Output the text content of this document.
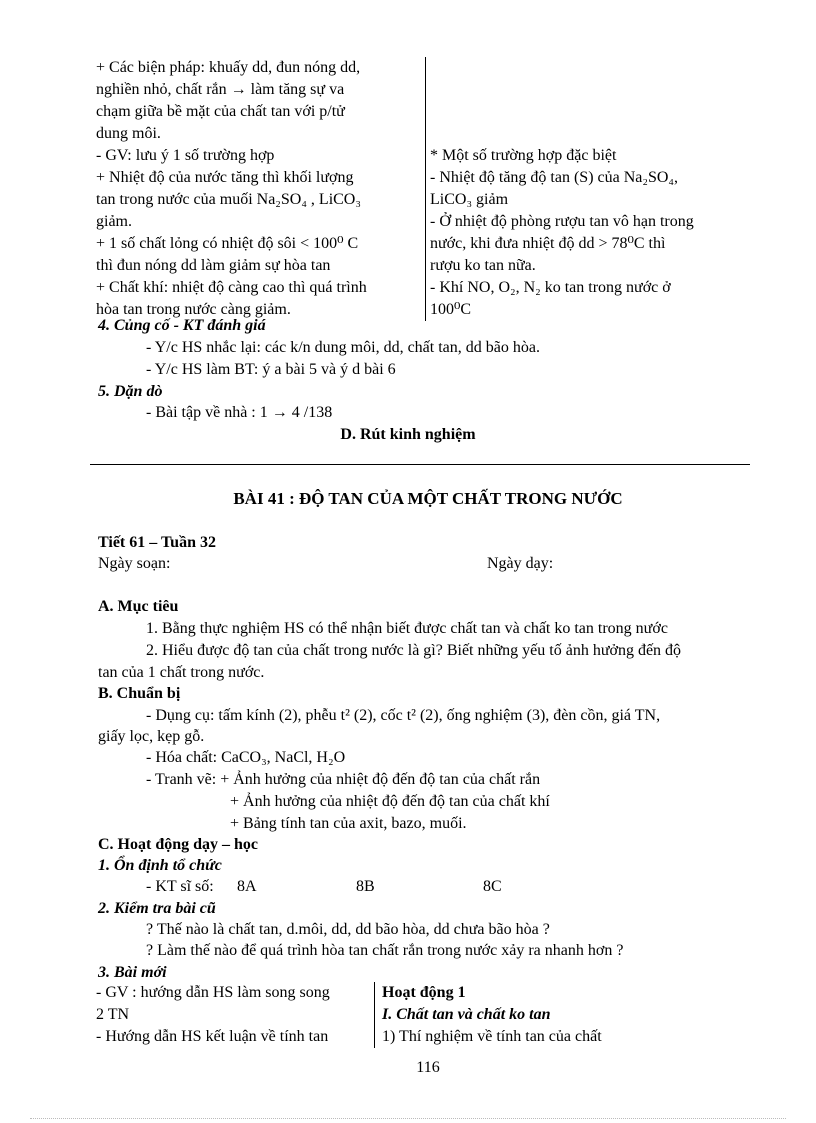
+ Các biện pháp: khuấy dd, đun nóng dd,
nghiền nhỏ, chất rắn → làm tăng sự va
chạm giữa bề mặt của chất tan với p/tử
dung môi.
- GV: lưu ý 1 số trường hợp
+ Nhiệt độ của nước tăng thì khối lượng
tan trong nước của muối Na₂SO₄ , LiCO₃
giảm.
+ 1 số chất lỏng có nhiệt độ sôi < 100⁰ C
thì đun nóng dd làm giảm sự hòa tan
+ Chất khí: nhiệt độ càng cao thì quá trình
hòa tan trong nước càng giảm.
* Một số trường hợp đặc biệt
- Nhiệt độ tăng độ tan (S) của Na₂SO₄,
LiCO₃ giảm
- Ở nhiệt độ phòng rượu tan vô hạn trong
nước, khi đưa nhiệt độ dd > 78⁰C thì
rượu ko tan nữa.
- Khí NO, O₂, N₂ ko tan trong nước ở
100⁰C
4. Củng cố - KT đánh giá
- Y/c HS nhắc lại: các k/n dung môi, dd, chất tan, dd bão hòa.
- Y/c HS làm BT: ý a bài 5 và ý d bài 6
5. Dặn dò
- Bài tập về nhà : 1 → 4 /138
D. Rút kinh nghiệm
BÀI 41 : ĐỘ TAN CỦA MỘT CHẤT TRONG NƯỚC
Tiết 61 – Tuần 32
Ngày soạn:	Ngày dạy:
A. Mục tiêu
1. Bằng thực nghiệm HS có thể nhận biết được chất tan và chất ko tan trong nước
2. Hiểu được độ tan của chất trong nước là gì? Biết những yếu tố ảnh hưởng đến độ
tan của 1 chất trong nước.
B. Chuẩn bị
- Dụng cụ: tấm kính (2), phễu t² (2), cốc t² (2), ống nghiệm (3), đèn cồn, giá TN,
giấy lọc, kẹp gỗ.
- Hóa chất: CaCO₃, NaCl, H₂O
- Tranh vẽ: + Ảnh hưởng của nhiệt độ đến độ tan của chất rắn
+ Ảnh hưởng của nhiệt độ đến độ tan của chất khí
+ Bảng tính tan của axit, bazo, muối.
C. Hoạt động dạy – học
1. Ổn định tổ chức
- KT sĩ số: 8A	8B	8C
2. Kiểm tra bài cũ
? Thế nào là chất tan, d.môi, dd, dd bão hòa, dd chưa bão hòa ?
? Làm thế nào để quá trình hòa tan chất rắn trong nước xảy ra nhanh hơn ?
3. Bài mới
- GV : hướng dẫn HS làm song song
2 TN
- Hướng dẫn HS kết luận về tính tan
Hoạt động 1
I. Chất tan và chất ko tan
1) Thí nghiệm về tính tan của chất
116
